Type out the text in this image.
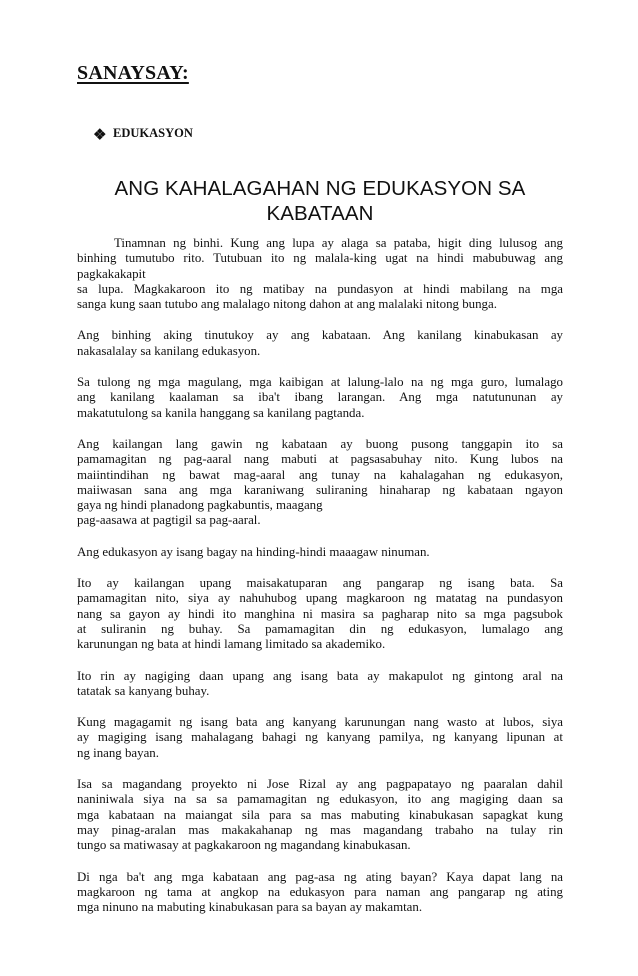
SANAYSAY:
EDUKASYON
ANG KAHALAGAHAN NG EDUKASYON SA
KABATAAN

Tinamnan ng binhi. Kung ang lupa ay alaga sa pataba, higit ding lulusog ang
binhing tumutubo rito. Tutubuan ito ng malala-king ugat na hindi mabubuwag ang
pagkakakapit
sa lupa. Magkakaroon ito ng matibay na pundasyon at hindi mabilang na mga
sanga kung saan tutubo ang malalago nitong dahon at ang malalaki nitong bunga.

Ang binhing aking tinutukoy ay ang kabataan. Ang kanilang kinabukasan ay
nakasalalay sa kanilang edukasyon.

Sa tulong ng mga magulang, mga kaibigan at lalung-lalo na ng mga guro, lumalago
ang kanilang kaalaman sa iba't ibang larangan. Ang mga natutununan ay
makatutulong sa kanila hanggang sa kanilang pagtanda.

Ang kailangan lang gawin ng kabataan ay buong pusong tanggapin ito sa
pamamagitan ng pag-aaral nang mabuti at pagsasabuhay nito. Kung lubos na
maiintindihan ng bawat mag-aaral ang tunay na kahalagahan ng edukasyon,
maiiwasan sana ang mga karaniwang suliraning hinaharap ng kabataan ngayon
gaya ng hindi planadong pagkabuntis, maagang
pag-aasawa at pagtigil sa pag-aaral.

Ang edukasyon ay isang bagay na hinding-hindi maaagaw ninuman.

Ito ay kailangan upang maisakatuparan ang pangarap ng isang bata. Sa
pamamagitan nito, siya ay nahuhubog upang magkaroon ng matatag na pundasyon
nang sa gayon ay hindi ito manghina ni masira sa pagharap nito sa mga pagsubok
at suliranin ng buhay. Sa pamamagitan din ng edukasyon, lumalago ang
karunungan ng bata at hindi lamang limitado sa akademiko.

Ito rin ay nagiging daan upang ang isang bata ay makapulot ng gintong aral na
tatatak sa kanyang buhay.

Kung magagamit ng isang bata ang kanyang karunungan nang wasto at lubos, siya
ay magiging isang mahalagang bahagi ng kanyang pamilya, ng kanyang lipunan at
ng inang bayan.

Isa sa magandang proyekto ni Jose Rizal ay ang pagpapatayo ng paaralan dahil
naniniwala siya na sa sa pamamagitan ng edukasyon, ito ang magiging daan sa
mga kabataan na maiangat sila para sa mas mabuting kinabukasan sapagkat kung
may pinag-aralan mas makakahanap ng mas magandang trabaho na tulay rin
tungo sa matiwasay at pagkakaroon ng magandang kinabukasan.

Di nga ba't ang mga kabataan ang pag-asa ng ating bayan? Kaya dapat lang na
magkaroon ng tama at angkop na edukasyon para naman ang pangarap ng ating
mga ninuno na mabuting kinabukasan para sa bayan ay makamtan.
